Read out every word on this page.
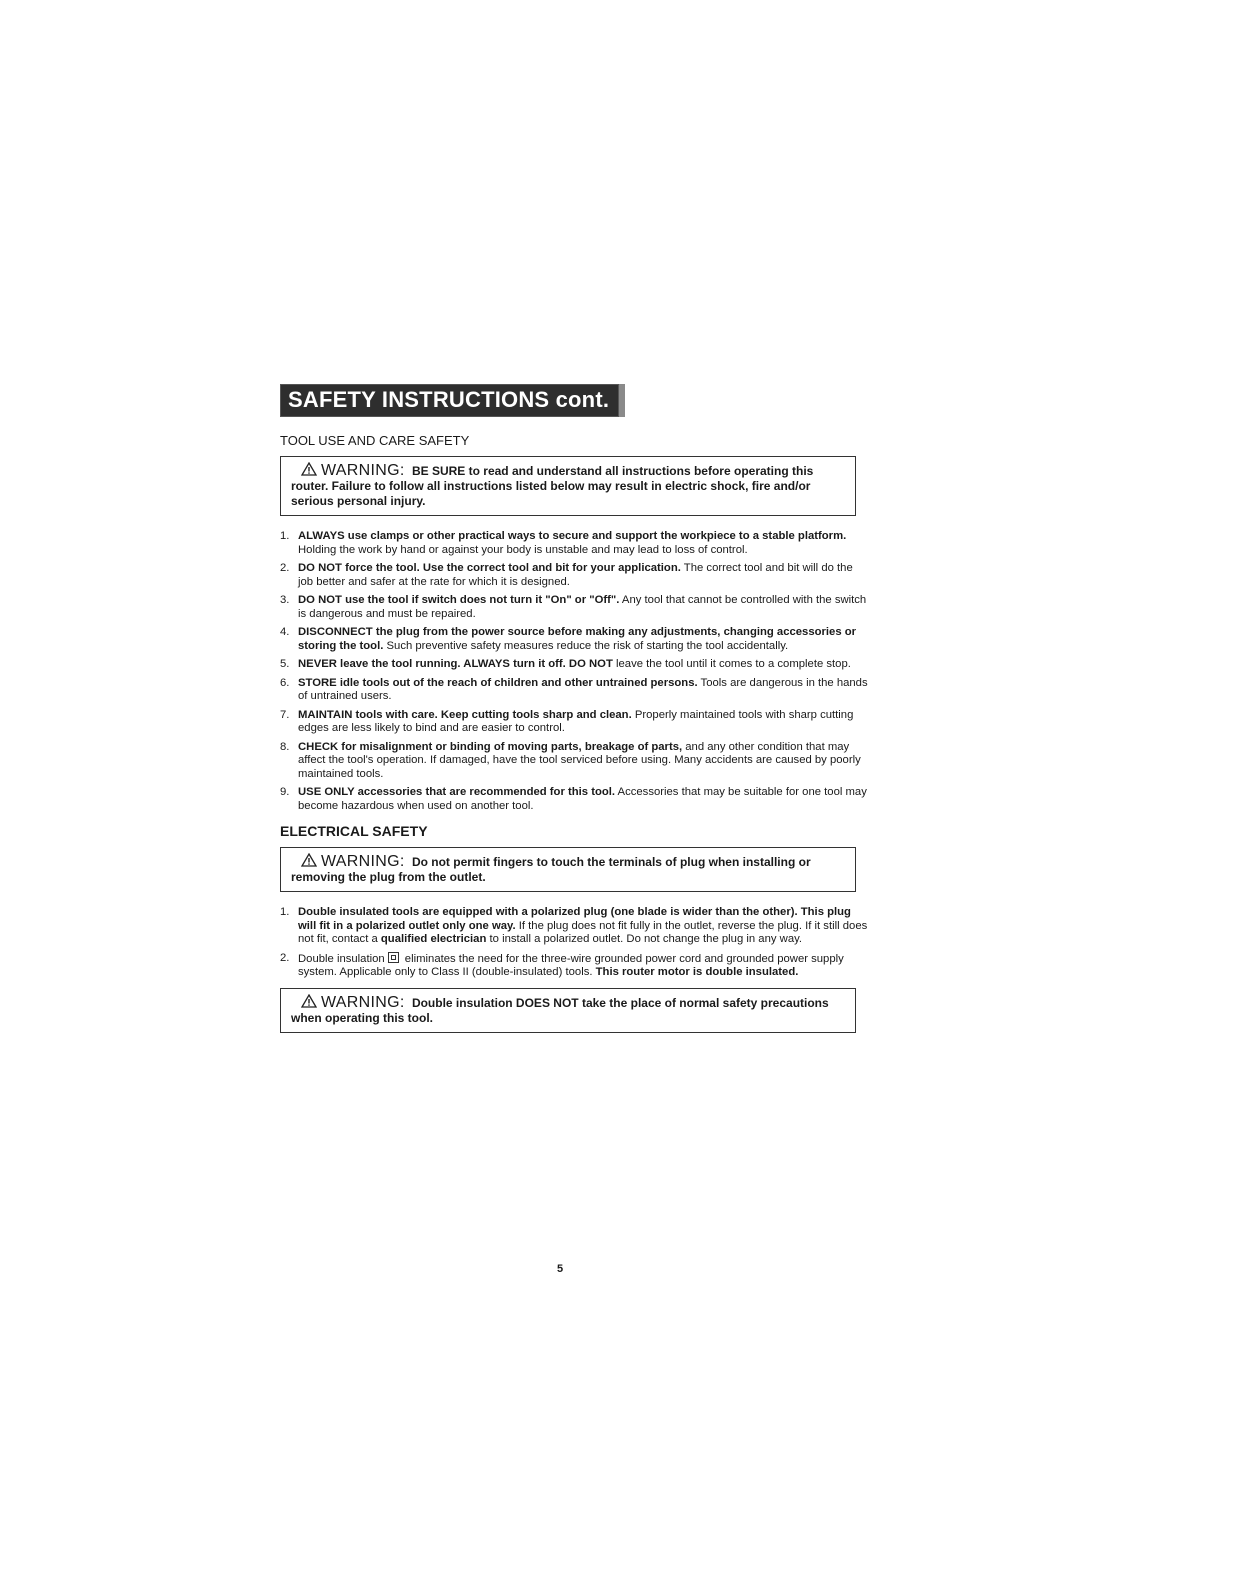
SAFETY INSTRUCTIONS cont.
TOOL USE AND CARE SAFETY
WARNING: BE SURE to read and understand all instructions before operating this router. Failure to follow all instructions listed below may result in electric shock, fire and/or serious personal injury.
1. ALWAYS use clamps or other practical ways to secure and support the workpiece to a stable platform. Holding the work by hand or against your body is unstable and may lead to loss of control.
2. DO NOT force the tool. Use the correct tool and bit for your application. The correct tool and bit will do the job better and safer at the rate for which it is designed.
3. DO NOT use the tool if switch does not turn it "On" or "Off". Any tool that cannot be controlled with the switch is dangerous and must be repaired.
4. DISCONNECT the plug from the power source before making any adjustments, changing accessories or storing the tool. Such preventive safety measures reduce the risk of starting the tool accidentally.
5. NEVER leave the tool running. ALWAYS turn it off. DO NOT leave the tool until it comes to a complete stop.
6. STORE idle tools out of the reach of children and other untrained persons. Tools are dangerous in the hands of untrained users.
7. MAINTAIN tools with care. Keep cutting tools sharp and clean. Properly maintained tools with sharp cutting edges are less likely to bind and are easier to control.
8. CHECK for misalignment or binding of moving parts, breakage of parts, and any other condition that may affect the tool's operation. If damaged, have the tool serviced before using. Many accidents are caused by poorly maintained tools.
9. USE ONLY accessories that are recommended for this tool. Accessories that may be suitable for one tool may become hazardous when used on another tool.
ELECTRICAL SAFETY
WARNING: Do not permit fingers to touch the terminals of plug when installing or removing the plug from the outlet.
1. Double insulated tools are equipped with a polarized plug (one blade is wider than the other). This plug will fit in a polarized outlet only one way. If the plug does not fit fully in the outlet, reverse the plug. If it still does not fit, contact a qualified electrician to install a polarized outlet. Do not change the plug in any way.
2. Double insulation eliminates the need for the three-wire grounded power cord and grounded power supply system. Applicable only to Class II (double-insulated) tools. This router motor is double insulated.
WARNING: Double insulation DOES NOT take the place of normal safety precautions when operating this tool.
5
